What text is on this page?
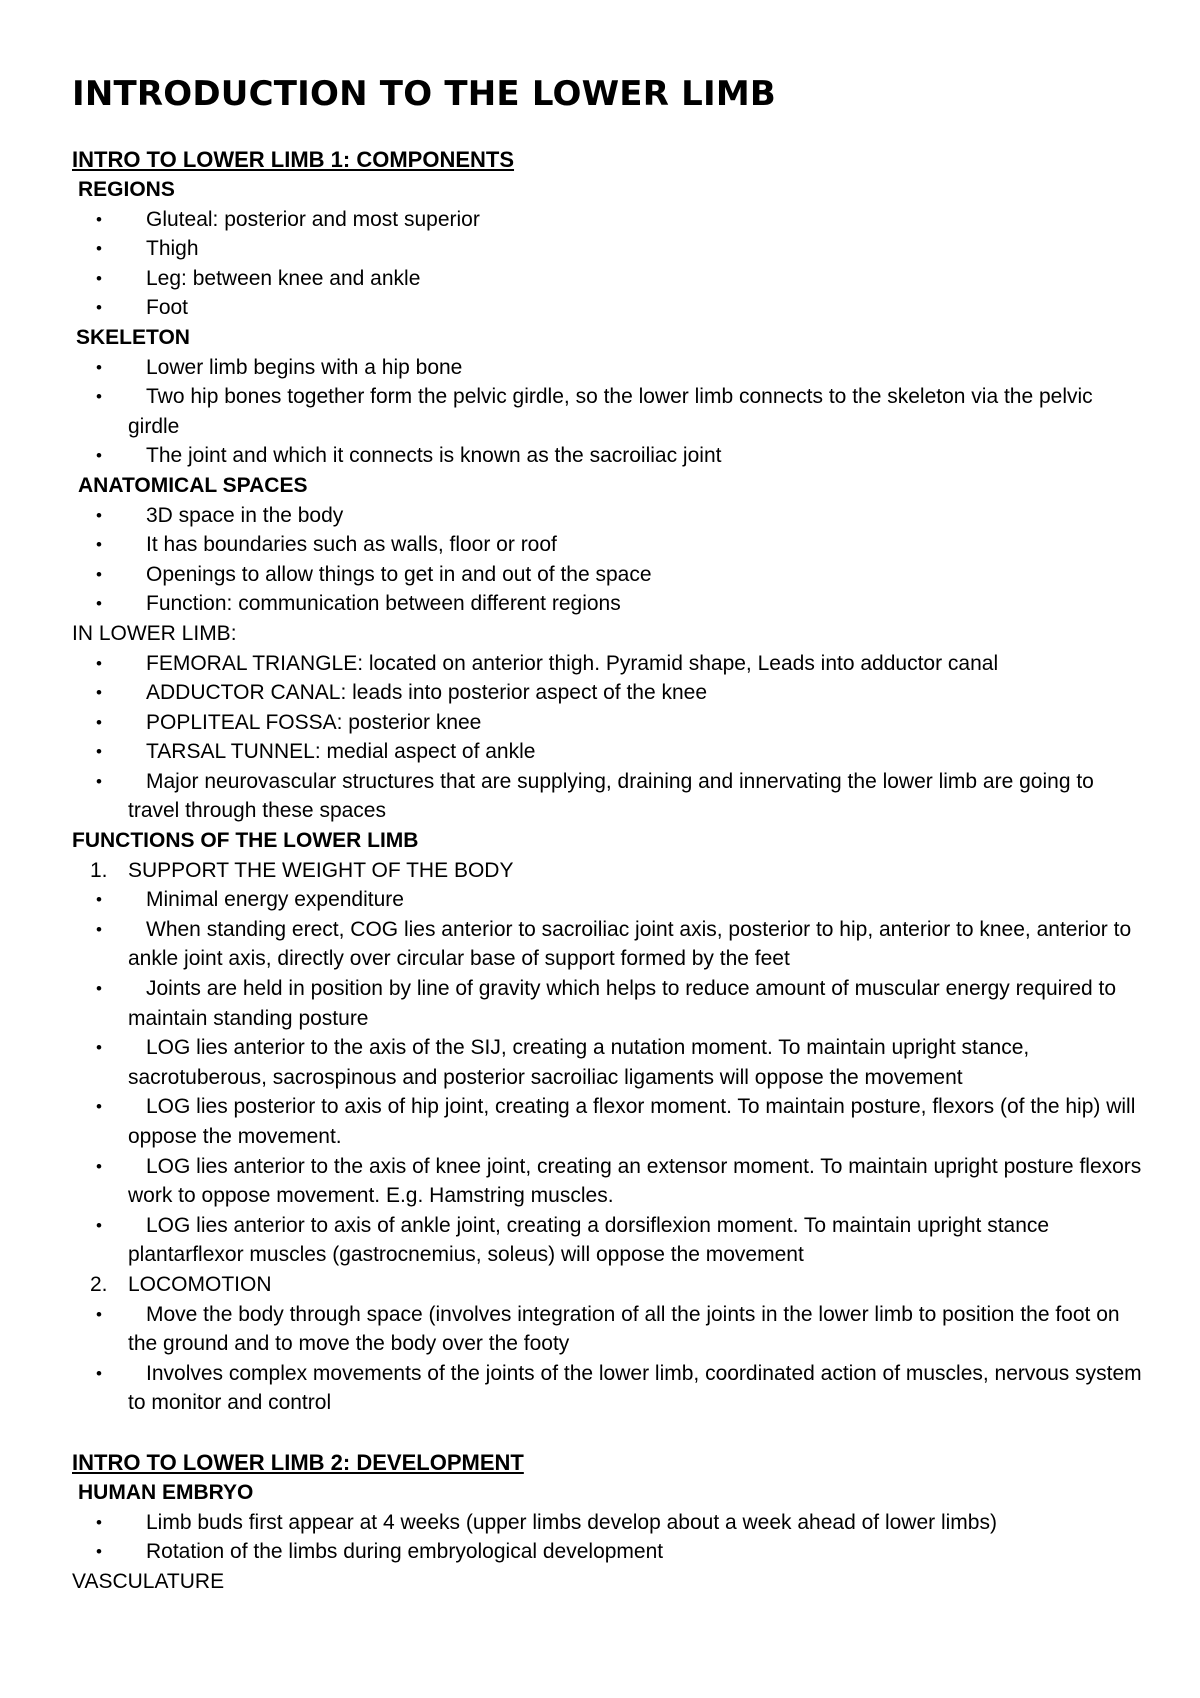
INTRODUCTION TO THE LOWER LIMB
INTRO TO LOWER LIMB 1: COMPONENTS
REGIONS
•	Gluteal: posterior and most superior
•	Thigh
•	Leg: between knee and ankle
•	Foot
SKELETON
•	Lower limb begins with a hip bone
•	Two hip bones together form the pelvic girdle, so the lower limb connects to the skeleton via the pelvic girdle
•	The joint and which it connects is known as the sacroiliac joint
ANATOMICAL SPACES
•	3D space in the body
•	It has boundaries such as walls, floor or roof
•	Openings to allow things to get in and out of the space
•	Function: communication between different regions
IN LOWER LIMB:
•	FEMORAL TRIANGLE: located on anterior thigh. Pyramid shape, Leads into adductor canal
•	ADDUCTOR CANAL: leads into posterior aspect of the knee
•	POPLITEAL FOSSA: posterior knee
•	TARSAL TUNNEL: medial aspect of ankle
•	Major neurovascular structures that are supplying, draining and innervating the lower limb are going to travel through these spaces
FUNCTIONS OF THE LOWER LIMB
1. SUPPORT THE WEIGHT OF THE BODY
•	Minimal energy expenditure
•	When standing erect, COG lies anterior to sacroiliac joint axis, posterior to hip, anterior to knee, anterior to ankle joint axis, directly over circular base of support formed by the feet
•	Joints are held in position by line of gravity which helps to reduce amount of muscular energy required to maintain standing posture
•	LOG lies anterior to the axis of the SIJ, creating a nutation moment. To maintain upright stance, sacrotuberous, sacrospinous and posterior sacroiliac ligaments will oppose the movement
•	LOG lies posterior to axis of hip joint, creating a flexor moment. To maintain posture, flexors (of the hip) will oppose the movement.
•	LOG lies anterior to the axis of knee joint, creating an extensor moment. To maintain upright posture flexors work to oppose movement. E.g. Hamstring muscles.
•	LOG lies anterior to axis of ankle joint, creating a dorsiflexion moment. To maintain upright stance plantarflexor muscles (gastrocnemius, soleus) will oppose the movement
2. LOCOMOTION
•	Move the body through space (involves integration of all the joints in the lower limb to position the foot on the ground and to move the body over the footy
•	Involves complex movements of the joints of the lower limb, coordinated action of muscles, nervous system to monitor and control
INTRO TO LOWER LIMB 2: DEVELOPMENT
HUMAN EMBRYO
•	Limb buds first appear at 4 weeks (upper limbs develop about a week ahead of lower limbs)
•	Rotation of the limbs during embryological development
VASCULATURE
